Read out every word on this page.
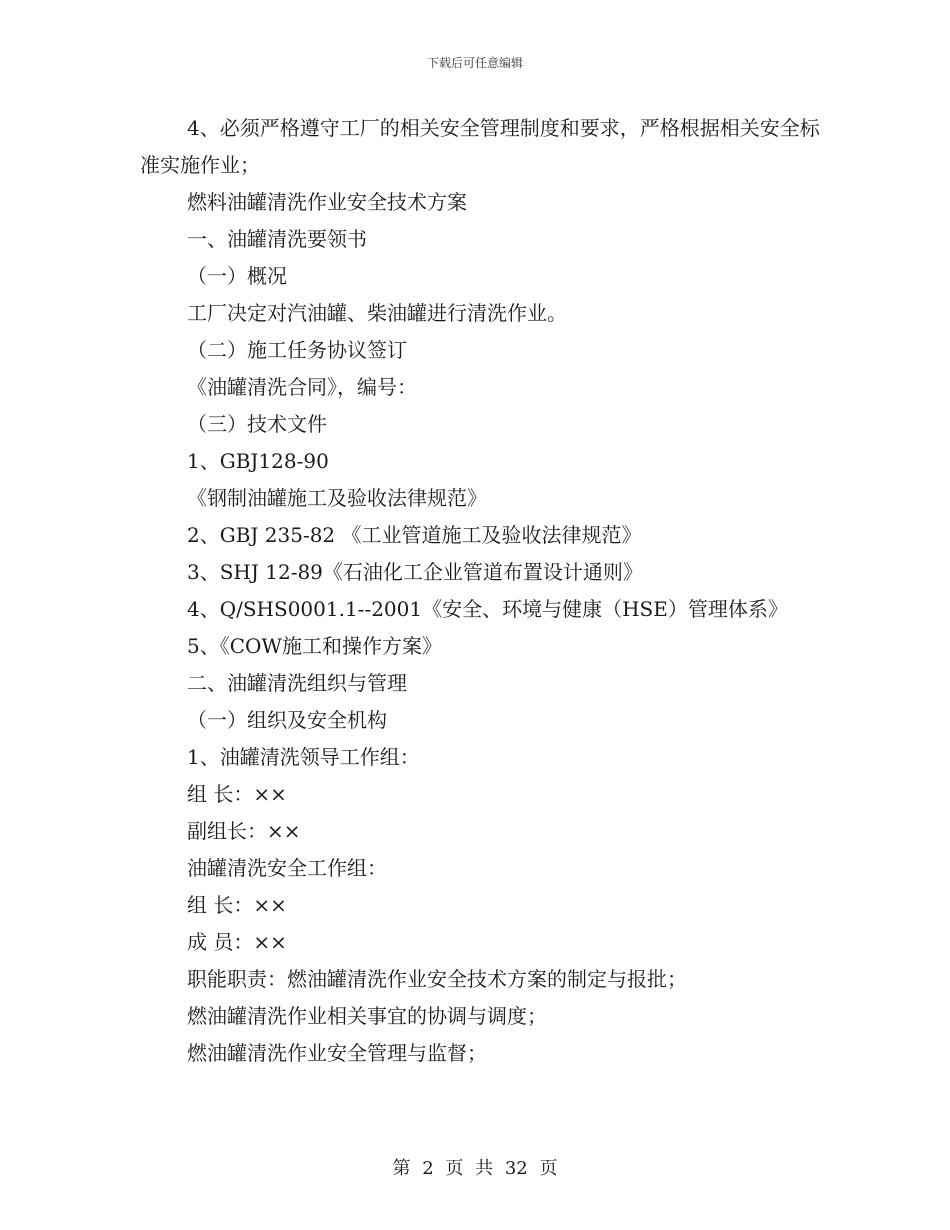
下载后可任意编辑
4、必须严格遵守工厂的相关安全管理制度和要求，严格根据相关安全标准实施作业；
燃料油罐清洗作业安全技术方案
一、油罐清洗要领书
（一）概况
工厂决定对汽油罐、柴油罐进行清洗作业。
（二）施工任务协议签订
《油罐清洗合同》，编号：
（三）技术文件
1、GBJ128-90
《钢制油罐施工及验收法律规范》
2、GBJ 235-82 《工业管道施工及验收法律规范》
3、SHJ 12-89《石油化工企业管道布置设计通则》
4、Q/SHS0001.1--2001《安全、环境与健康（HSE）管理体系》
5、《COW施工和操作方案》
二、油罐清洗组织与管理
（一）组织及安全机构
1、油罐清洗领导工作组：
组 长：××
副组长：××
油罐清洗安全工作组：
组 长：××
成 员：××
职能职责：燃油罐清洗作业安全技术方案的制定与报批；
燃油罐清洗作业相关事宜的协调与调度；
燃油罐清洗作业安全管理与监督；
第 2 页 共 32 页
